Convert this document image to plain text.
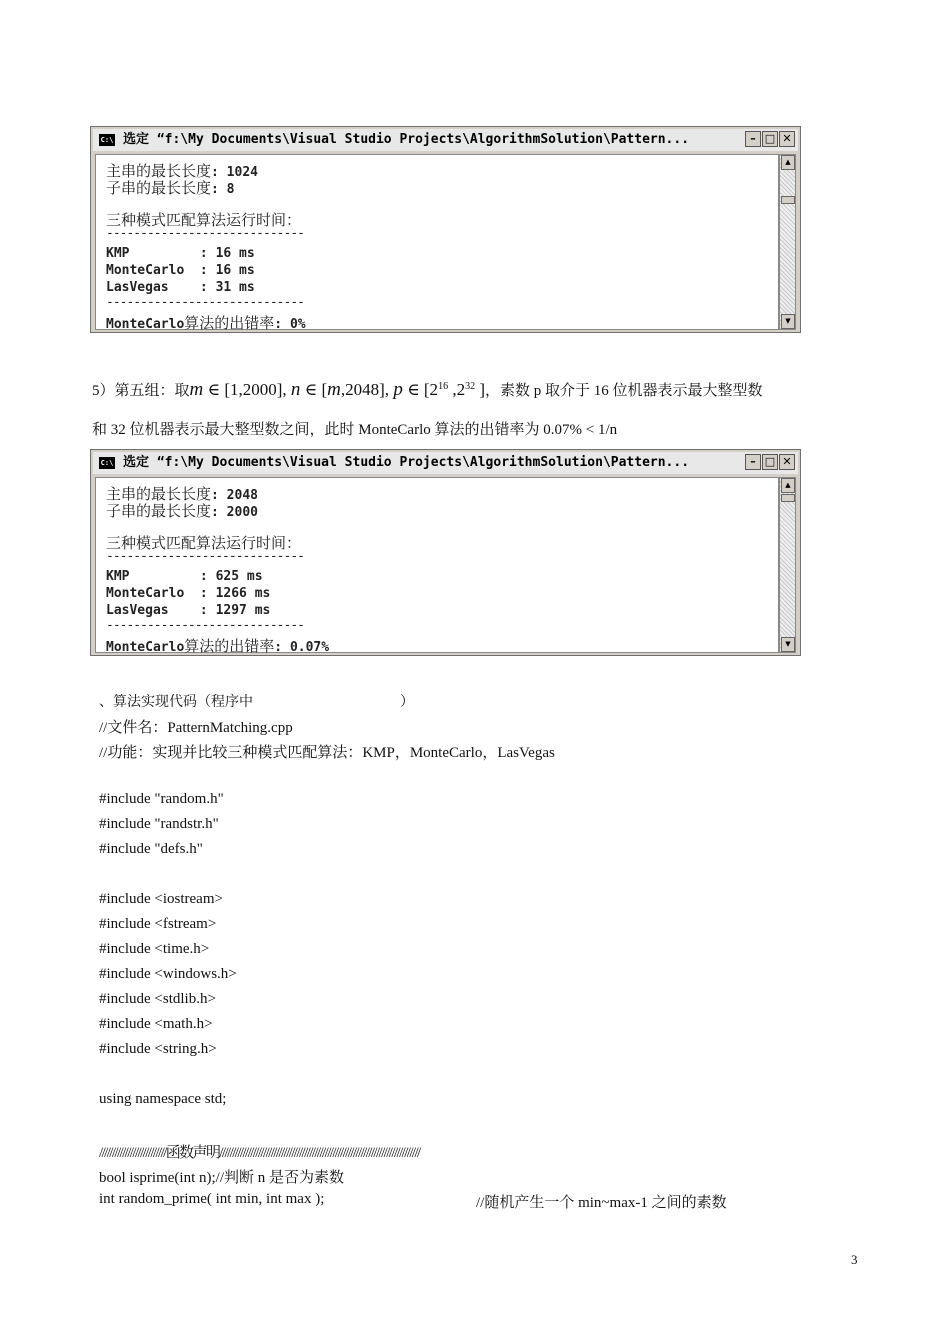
C:\ 选定 “f:\My Documents\Visual Studio Projects\AlgorithmSolution\Pattern...	– □ ✕
主串的最长长度: 1024
子串的最长长度: 8
三种模式匹配算法运行时间：
-----------------------------
KMP         : 16 ms
MonteCarlo  : 16 ms
LasVegas    : 31 ms
-----------------------------
MonteCarlo算法的出错率: 0%
▲
▼
5）第五组：取m ∈ [1,2000], n ∈ [m,2048], p ∈ [$2^{16}$ $,2^{32}$ ]，素数 p 取介于 16 位机器表示最大整型数
和 32 位机器表示最大整型数之间，此时 MonteCarlo 算法的出错率为 0.07% < 1/n
C:\ 选定 “f:\My Documents\Visual Studio Projects\AlgorithmSolution\Pattern...	– □ ✕
主串的最长长度: 2048
子串的最长长度: 2000
三种模式匹配算法运行时间：
-----------------------------
KMP         : 625 ms
MonteCarlo  : 1266 ms
LasVegas    : 1297 ms
-----------------------------
MonteCarlo算法的出错率: 0.07%
▲
▼
、算法实现代码（程序中	）
//文件名：PatternMatching.cpp
//功能：实现并比较三种模式匹配算法：KMP，MonteCarlo，LasVegas
#include "random.h"
#include "randstr.h"
#include "defs.h"
#include <iostream>
#include <fstream>
#include <time.h>
#include <windows.h>
#include <stdlib.h>
#include <math.h>
#include <string.h>
using namespace std;
//////////////////////////函数声明//////////////////////////////////////////////////////////////////////////////
bool isprime(int n);//判断 n 是否为素数
int random_prime( int min, int max );	//随机产生一个 min~max-1 之间的素数
3
